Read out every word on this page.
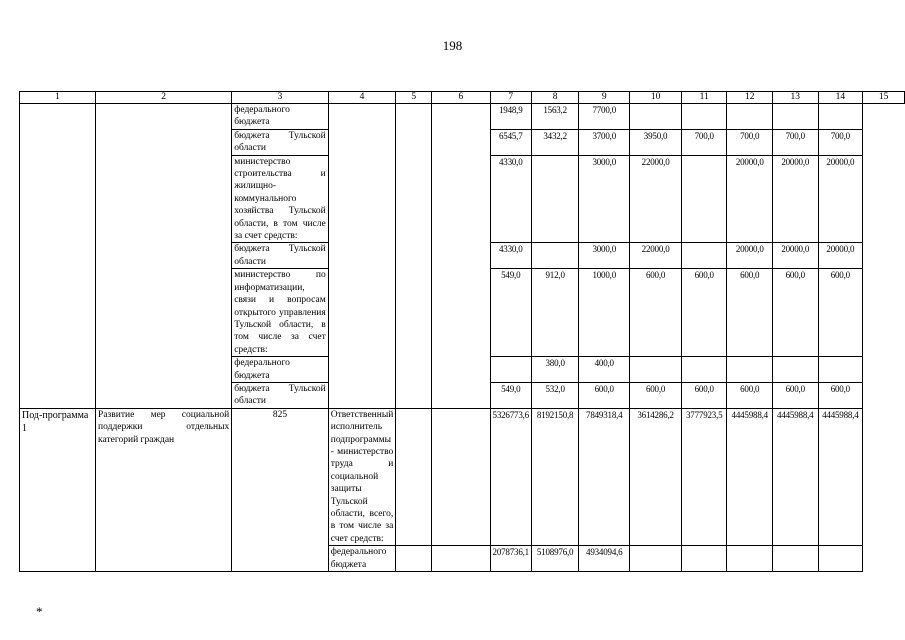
198
1	2	3	4	5	6	7	8	9	10	11	12	13	14	15
		федерального бюджета				1948,9	1563,2	7700,0						
		бюджета Тульской области				6545,7	3432,2	3700,0	3950,0	700,0	700,0	700,0	700,0	
		министерство строительства и жилищно-коммунального хозяйства Тульской области, в том числе за счет средств:				4330,0		3000,0	22000,0		20000,0	20000,0	20000,0	
		бюджета Тульской области				4330,0		3000,0	22000,0		20000,0	20000,0	20000,0	
		министерство по информатизации, связи и вопросам открытого управления Тульской области, в том числе за счет средств:				549,0	912,0	1000,0	600,0	600,0	600,0	600,0	600,0	
		федерального бюджета					380,0	400,0						
		бюджета Тульской области				549,0	532,0	600,0	600,0	600,0	600,0	600,0	600,0	
Под-программа 1	Развитие мер социальной поддержки отдельных категорий граждан	825	Ответственный исполнитель подпрограммы - министерство труда и социальной защиты Тульской области, всего, в том числе за счет средств:			5326773,6	8192150,8	7849318,4	3614286,2	3777923,5	4445988,4	4445988,4	4445988,4	
			федерального бюджета			2078736,1	5108976,0	4934094,6						
*
